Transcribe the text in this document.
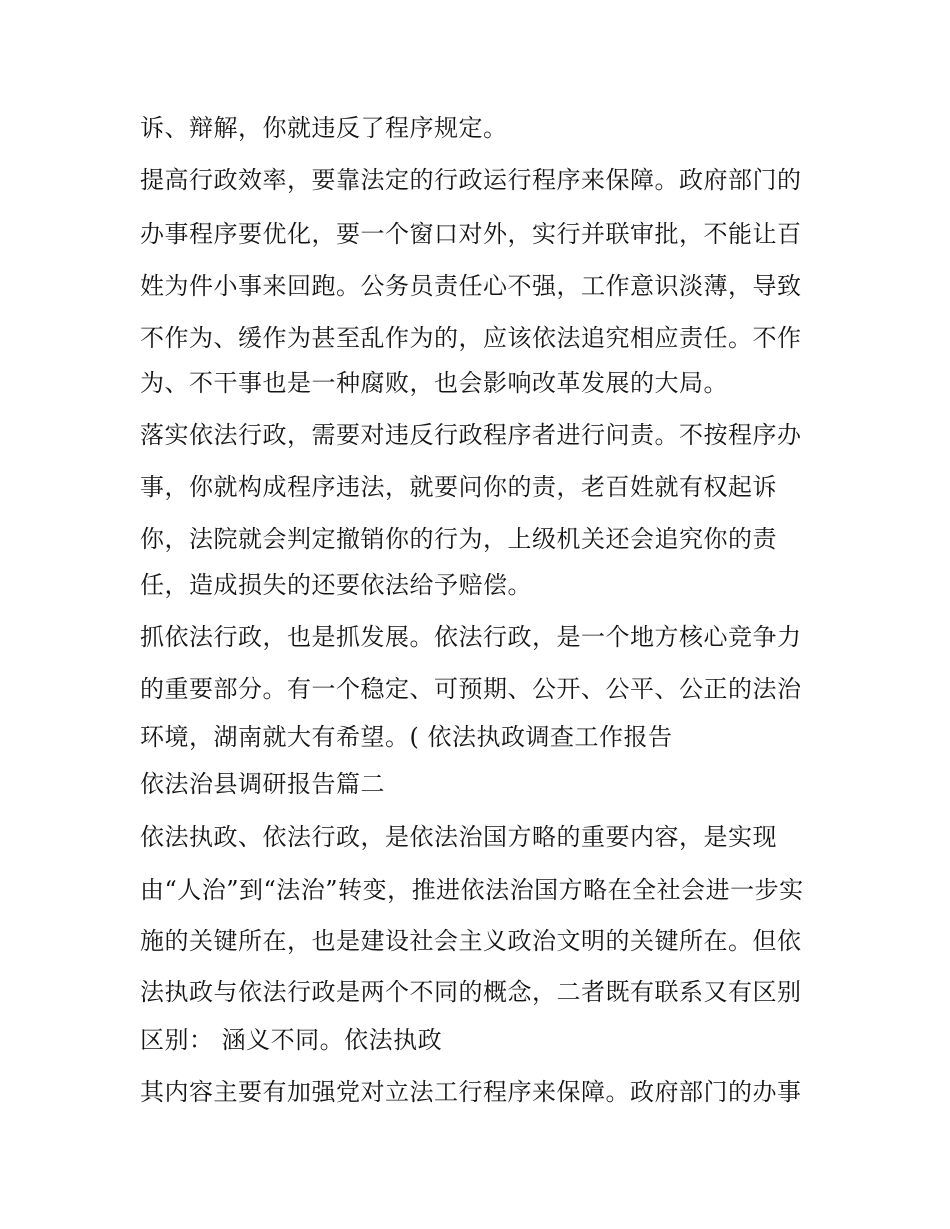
诉、辩解，你就违反了程序规定。
提高行政效率，要靠法定的行政运行程序来保障。政府部门的
办事程序要优化，要一个窗口对外，实行并联审批，不能让百
姓为件小事来回跑。公务员责任心不强，工作意识淡薄，导致
不作为、缓作为甚至乱作为的，应该依法追究相应责任。不作
为、不干事也是一种腐败，也会影响改革发展的大局。
落实依法行政，需要对违反行政程序者进行问责。不按程序办
事，你就构成程序违法，就要问你的责，老百姓就有权起诉
你，法院就会判定撤销你的行为，上级机关还会追究你的责
任，造成损失的还要依法给予赔偿。
抓依法行政，也是抓发展。依法行政，是一个地方核心竞争力
的重要部分。有一个稳定、可预期、公开、公平、公正的法治
环境，湖南就大有希望。( 依法执政调查工作报告
依法治县调研报告篇二
依法执政、依法行政，是依法治国方略的重要内容，是实现
由“人治”到“法治”转变，推进依法治国方略在全社会进一步实
施的关键所在，也是建设社会主义政治文明的关键所在。但依
法执政与依法行政是两个不同的概念，二者既有联系又有区别
区别： 涵义不同。依法执政
其内容主要有加强党对立法工行程序来保障。政府部门的办事
